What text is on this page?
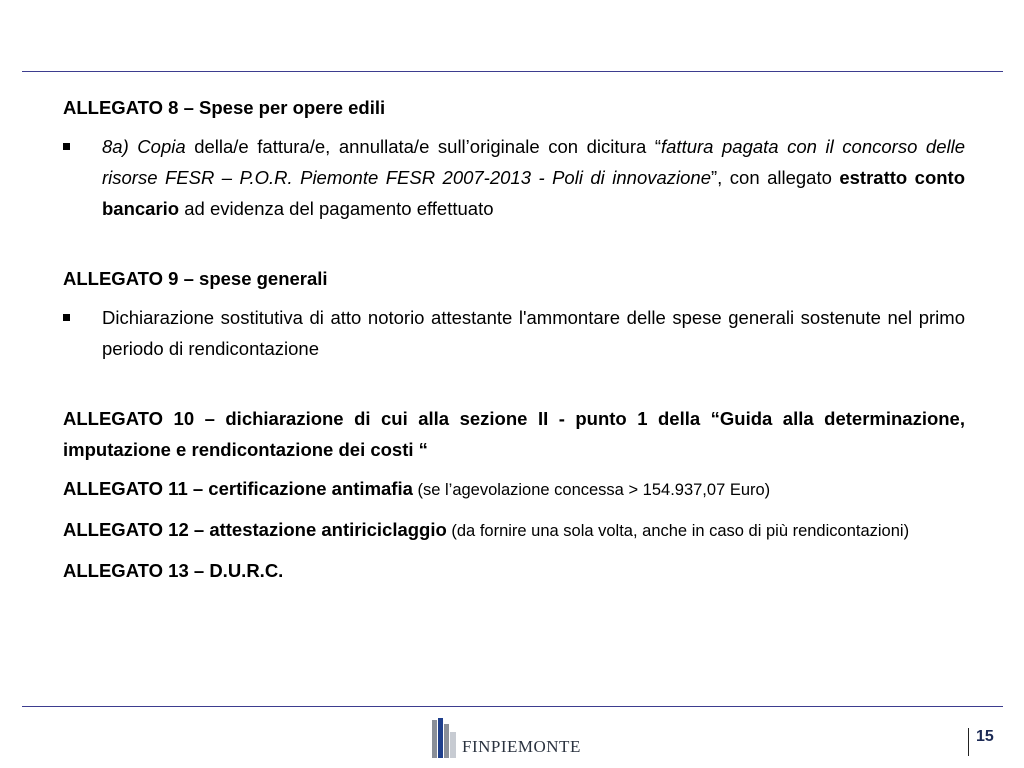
ALLEGATO 8 – Spese per opere edili

8a) Copia della/e fattura/e, annullata/e sull’originale con dicitura “fattura pagata con il concorso delle risorse FESR – P.O.R. Piemonte FESR 2007-2013 - Poli di innovazione”, con allegato estratto conto bancario ad evidenza del pagamento effettuato

ALLEGATO 9 – spese generali

Dichiarazione sostitutiva di atto notorio attestante l'ammontare delle spese generali sostenute nel primo periodo di rendicontazione

ALLEGATO 10 – dichiarazione di cui alla sezione II - punto 1 della “Guida alla determinazione, imputazione e rendicontazione dei costi “

ALLEGATO 11 – certificazione antimafia (se l’agevolazione concessa > 154.937,07 Euro)

ALLEGATO 12 – attestazione antiriciclaggio (da fornire una sola volta, anche in caso di più rendicontazioni)

ALLEGATO 13 – D.U.R.C.

FINPIEMONTE
15
